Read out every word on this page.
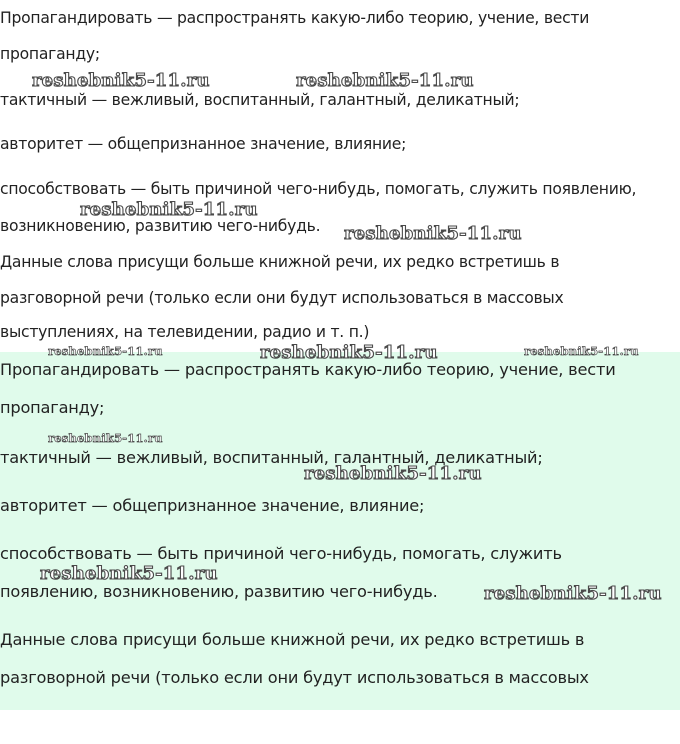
Пропагандировать — распространять какую-либо теорию, учение, вести

пропаганду;

тактичный — вежливый, воспитанный, галантный, деликатный;

авторитет — общепризнанное значение, влияние;

способствовать — быть причиной чего-нибудь, помогать, служить появлению,

возникновению, развитию чего-нибудь.

Данные слова присущи больше книжной речи, их редко встретишь в

разговорной речи (только если они будут использоваться в массовых

выступлениях, на телевидении, радио и т. п.)

Пропагандировать — распространять какую-либо теорию, учение, вести

пропаганду;

тактичный — вежливый, воспитанный, галантный, деликатный;

авторитет — общепризнанное значение, влияние;

способствовать — быть причиной чего-нибудь, помогать, служить

появлению, возникновению, развитию чего-нибудь.

Данные слова присущи больше книжной речи, их редко встретишь в

разговорной речи (только если они будут использоваться в массовых

reshebnik5-11.ru	reshebnik5-11.ru
reshebnik5-11.ru
reshebnik5-11.ru
reshebnik5-11.ru	reshebnik5-11.ru	reshebnik5-11.ru
reshebnik5-11.ru
reshebnik5-11.ru
reshebnik5-11.ru
reshebnik5-11.ru
